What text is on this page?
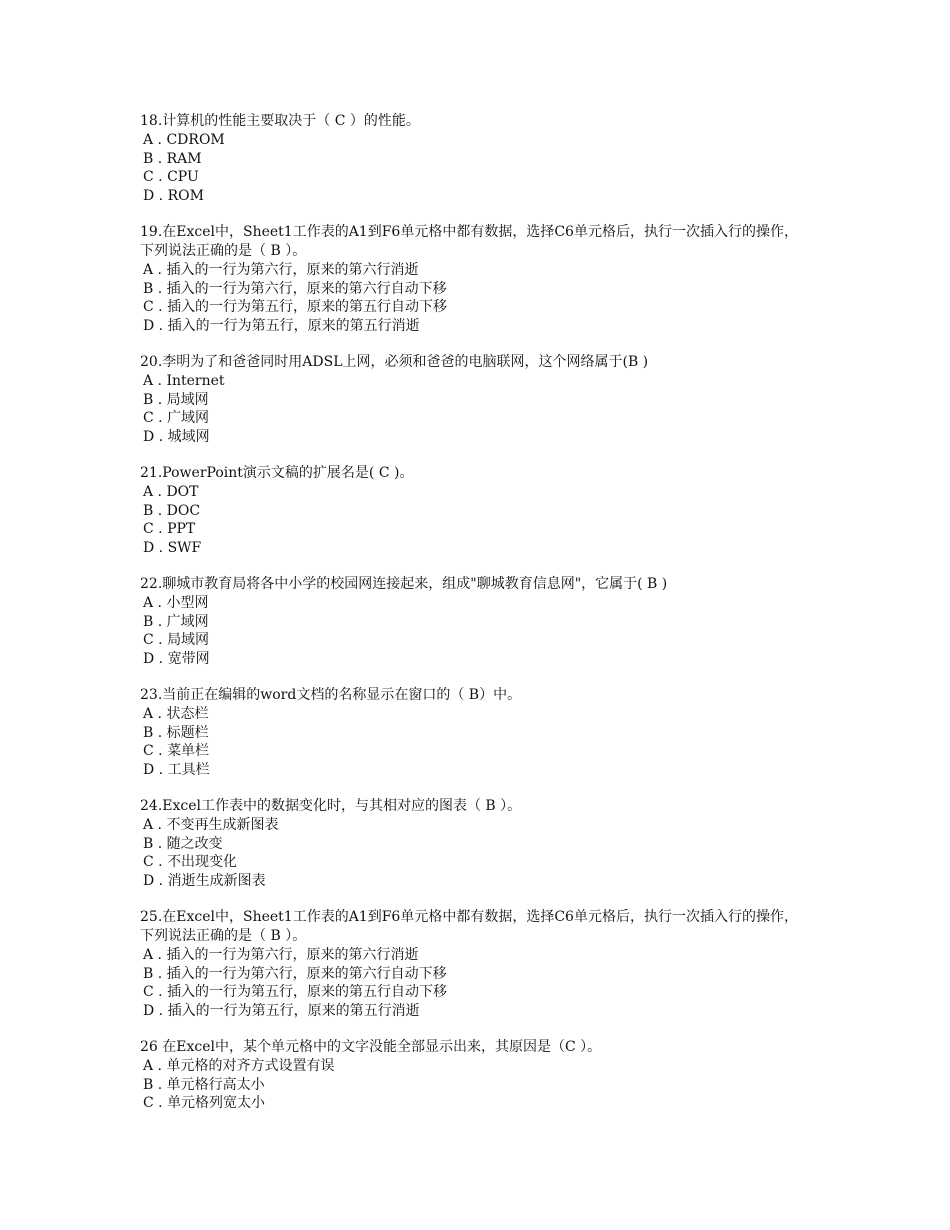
18.计算机的性能主要取决于（ C ）的性能。

A . CDROM
B . RAM
C . CPU
D . ROM

19.在Excel中，Sheet1工作表的A1到F6单元格中都有数据，选择C6单元格后，执行一次插入行的操作，下列说法正确的是（ B ）。

A . 插入的一行为第六行，原来的第六行消逝
B . 插入的一行为第六行，原来的第六行自动下移
C . 插入的一行为第五行，原来的第五行自动下移
D . 插入的一行为第五行，原来的第五行消逝

20.李明为了和爸爸同时用ADSL上网，必须和爸爸的电脑联网，这个网络属于(B )

A . Internet
B . 局域网
C . 广域网
D . 城域网

21.PowerPoint演示文稿的扩展名是( C )。

A . DOT
B . DOC
C . PPT
D . SWF

22.聊城市教育局将各中小学的校园网连接起来，组成"聊城教育信息网"，它属于( B )

A . 小型网
B . 广域网
C . 局域网
D . 宽带网

23.当前正在编辑的word文档的名称显示在窗口的（ B）中。

A . 状态栏
B . 标题栏
C . 菜单栏
D . 工具栏

24.Excel工作表中的数据变化时，与其相对应的图表（ B ）。

A . 不变再生成新图表
B . 随之改变
C . 不出现变化
D . 消逝生成新图表

25.在Excel中，Sheet1工作表的A1到F6单元格中都有数据，选择C6单元格后，执行一次插入行的操作，下列说法正确的是（ B ）。

A . 插入的一行为第六行，原来的第六行消逝
B . 插入的一行为第六行，原来的第六行自动下移
C . 插入的一行为第五行，原来的第五行自动下移
D . 插入的一行为第五行，原来的第五行消逝

26 在Excel中，某个单元格中的文字没能全部显示出来，其原因是（C ）。

A . 单元格的对齐方式设置有误
B . 单元格行高太小
C . 单元格列宽太小
